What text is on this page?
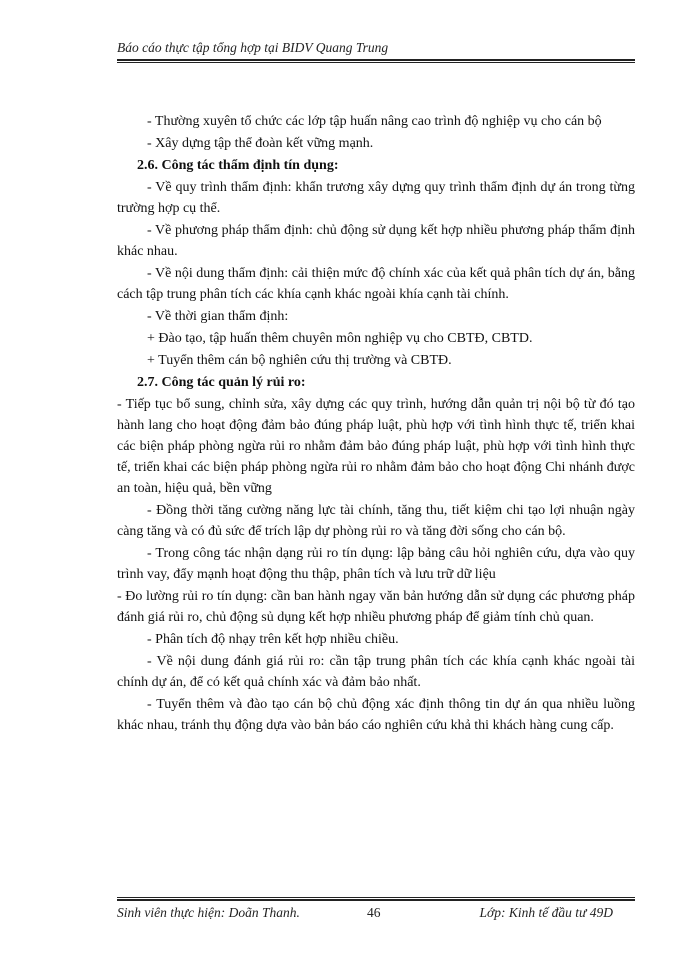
Báo cáo thực tập tổng hợp tại BIDV Quang Trung

- Thường xuyên tổ chức các lớp tập huấn nâng cao trình độ nghiệp vụ cho cán bộ

- Xây dựng tập thể đoàn kết vững mạnh.

2.6. Công tác thẩm định tín dụng:

- Về quy trình thẩm định: khẩn trương xây dựng quy trình thẩm định dự án trong từng trường hợp cụ thể.

- Về phương pháp thẩm định: chủ động sử dụng kết hợp nhiều phương pháp thẩm định khác nhau.

- Về nội dung thẩm định: cải thiện mức độ chính xác của kết quả phân tích dự án, bằng cách tập trung phân tích các khía cạnh khác ngoài khía cạnh tài chính.

- Về thời gian thẩm định:

+ Đào tạo, tập huấn thêm chuyên môn nghiệp vụ cho CBTĐ, CBTD.

+ Tuyển thêm cán bộ nghiên cứu thị trường và CBTĐ.

2.7. Công tác quản lý rủi ro:

- Tiếp tục bổ sung, chỉnh sửa, xây dựng các quy trình, hướng dẫn quản trị nội bộ từ đó tạo hành lang cho hoạt động đảm bảo đúng pháp luật, phù hợp với tình hình thực tế, triển khai các biện pháp phòng ngừa rủi ro nhằm đảm bảo đúng pháp luật, phù hợp với tình hình thực tế, triển khai các biện pháp phòng ngừa rủi ro nhằm đảm bảo cho hoạt động Chi nhánh được an toàn, hiệu quả, bền vững

- Đồng thời tăng cường năng lực tài chính, tăng thu, tiết kiệm chi tạo lợi nhuận ngày càng tăng và có đủ sức để trích lập dự phòng rủi ro và tăng đời sống cho cán bộ.

- Trong công tác nhận dạng rủi ro tín dụng: lập bảng câu hỏi nghiên cứu, dựa vào quy trình vay, đẩy mạnh hoạt động thu thập, phân tích và lưu trữ dữ liệu

- Đo lường rủi ro tín dụng: cần ban hành ngay văn bản hướng dẫn sử dụng các phương pháp đánh giá rủi ro, chủ động sủ dụng kết hợp nhiều phương pháp để giảm tính chủ quan.

- Phân tích độ nhạy trên kết hợp nhiều chiều.

- Về nội dung đánh giá rủi ro: cần tập trung phân tích các khía cạnh khác ngoài tài chính dự án, để có kết quả chính xác và đảm bảo nhất.

- Tuyển thêm và đào tạo cán bộ chủ động xác định thông tin dự án qua nhiều luồng khác nhau, tránh thụ động dựa vào bản báo cáo nghiên cứu khả thi khách hàng cung cấp.

Sinh viên thực hiện: Doãn Thanh.	46	Lớp: Kinh tế đầu tư 49D
